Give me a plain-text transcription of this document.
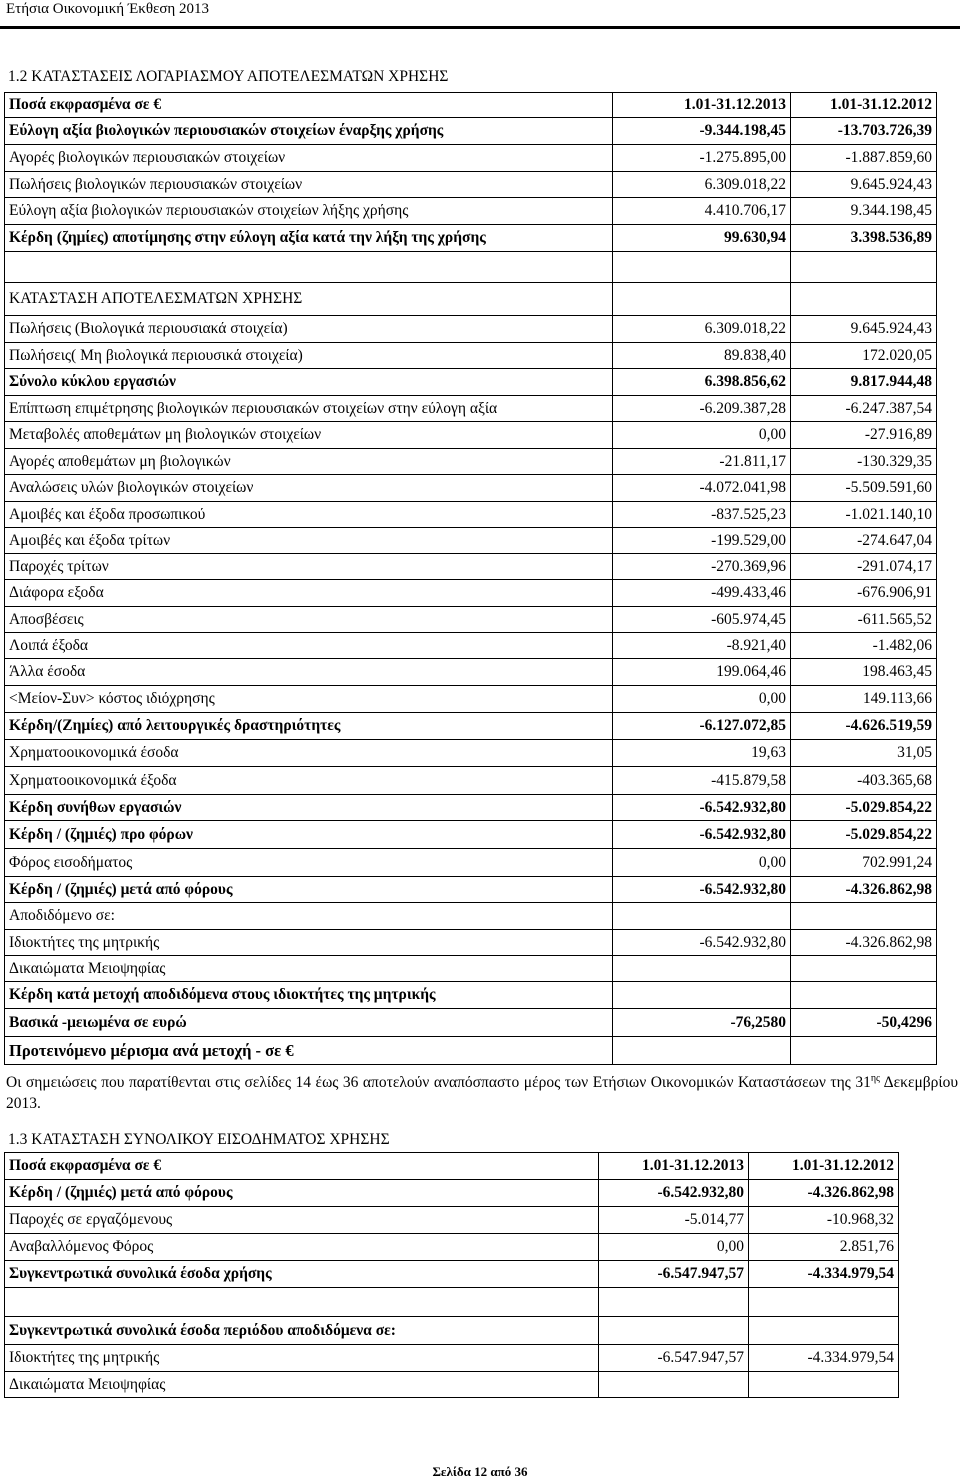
Ετήσια Οικονομική Έκθεση 2013
1.2 ΚΑΤΑΣΤΑΣΕΙΣ ΛΟΓΑΡΙΑΣΜΟΥ ΑΠΟΤΕΛΕΣΜΑΤΩΝ ΧΡΗΣΗΣ
Ποσά εκφρασμένα σε €	1.01-31.12.2013	1.01-31.12.2012
Εύλογη αξία βιολογικών περιουσιακών στοιχείων έναρξης χρήσης	-9.344.198,45	-13.703.726,39
Αγορές βιολογικών περιουσιακών στοιχείων	-1.275.895,00	-1.887.859,60
Πωλήσεις βιολογικών περιουσιακών στοιχείων	6.309.018,22	9.645.924,43
Εύλογη αξία βιολογικών περιουσιακών στοιχείων λήξης χρήσης	4.410.706,17	9.344.198,45
Κέρδη (ζημίες) αποτίμησης στην εύλογη αξία κατά την λήξη της χρήσης	99.630,94	3.398.536,89

ΚΑΤΑΣΤΑΣΗ ΑΠΟΤΕΛΕΣΜΑΤΩΝ ΧΡΗΣΗΣ		
Πωλήσεις (Βιολογικά περιουσιακά στοιχεία)	6.309.018,22	9.645.924,43
Πωλήσεις( Μη βιολογικά περιουσικά στοιχεία)	89.838,40	172.020,05
Σύνολο κύκλου εργασιών	6.398.856,62	9.817.944,48
Επίπτωση επιμέτρησης βιολογικών περιουσιακών στοιχείων στην εύλογη αξία	-6.209.387,28	-6.247.387,54
Μεταβολές αποθεμάτων μη βιολογικών στοιχείων	0,00	-27.916,89
Αγορές αποθεμάτων μη βιολογικών	-21.811,17	-130.329,35
Αναλώσεις υλών βιολογικών στοιχείων	-4.072.041,98	-5.509.591,60
Αμοιβές και έξοδα προσωπικού	-837.525,23	-1.021.140,10
Αμοιβές και έξοδα τρίτων	-199.529,00	-274.647,04
Παροχές τρίτων	-270.369,96	-291.074,17
Διάφορα εξοδα	-499.433,46	-676.906,91
Αποσβέσεις	-605.974,45	-611.565,52
Λοιπά έξοδα	-8.921,40	-1.482,06
Άλλα έσοδα	199.064,46	198.463,45
<Μείον-Συν> κόστος ιδιόχρησης	0,00	149.113,66
Κέρδη/(Ζημίες) από λειτουργικές δραστηριότητες	-6.127.072,85	-4.626.519,59
Χρηματοοικονομικά έσοδα	19,63	31,05
Χρηματοοικονομικά έξοδα	-415.879,58	-403.365,68
Κέρδη συνήθων εργασιών	-6.542.932,80	-5.029.854,22
Κέρδη / (ζημιές) προ φόρων	-6.542.932,80	-5.029.854,22
Φόρος εισοδήματος	0,00	702.991,24
Κέρδη / (ζημιές) μετά από φόρους	-6.542.932,80	-4.326.862,98
Αποδιδόμενο σε:		
Ιδιοκτήτες της μητρικής	-6.542.932,80	-4.326.862,98
Δικαιώματα Μειοψηφίας		
Κέρδη κατά μετοχή αποδιδόμενα στους ιδιοκτήτες της μητρικής		
Βασικά -μειωμένα σε ευρώ	-76,2580	-50,4296
Προτεινόμενο μέρισμα ανά μετοχή - σε €		
Οι σημειώσεις που παρατίθενται στις σελίδες 14 έως 36 αποτελούν αναπόσπαστο μέρος των Ετήσιων Οικονομικών Καταστάσεων της $31^{\eta\varsigma}$ Δεκεμβρίου 2013.
1.3 ΚΑΤΑΣΤΑΣΗ ΣΥΝΟΛΙΚΟΥ ΕΙΣΟΔΗΜΑΤΟΣ ΧΡΗΣΗΣ
Ποσά εκφρασμένα σε €	1.01-31.12.2013	1.01-31.12.2012
Κέρδη / (ζημιές) μετά από φόρους	-6.542.932,80	-4.326.862,98
Παροχές σε εργαζόμενους	-5.014,77	-10.968,32
Αναβαλλόμενος Φόρος	0,00	2.851,76
Συγκεντρωτικά συνολικά έσοδα χρήσης	-6.547.947,57	-4.334.979,54

Συγκεντρωτικά συνολικά έσοδα περιόδου αποδιδόμενα σε:		
Ιδιοκτήτες της μητρικής	-6.547.947,57	-4.334.979,54
Δικαιώματα Μειοψηφίας		
Σελίδα 12 από 36
